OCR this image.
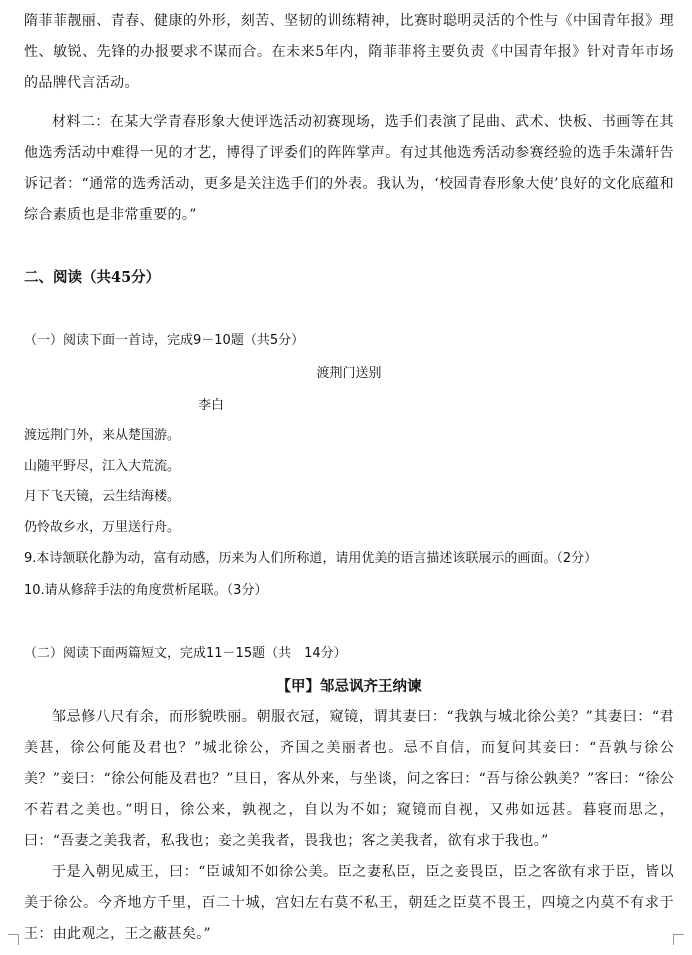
隋菲菲靓丽、青春、健康的外形，刻苦、坚韧的训练精神，比赛时聪明灵活的个性与《中国青年报》理性、敏锐、先锋的办报要求不谋而合。在未来5年内，隋菲菲将主要负责《中国青年报》针对青年市场的品牌代言活动。

材料二：在某大学青春形象大使评选活动初赛现场，选手们表演了昆曲、武术、快板、书画等在其他选秀活动中难得一见的才艺，博得了评委们的阵阵掌声。有过其他选秀活动参赛经验的选手朱潇轩告诉记者：“通常的选秀活动，更多是关注选手们的外表。我认为，‘校园青春形象大使’良好的文化底蕴和综合素质也是非常重要的。”

二、阅读（共45分）
（一）阅读下面一首诗，完成9－10题（共5分）
渡荆门送别
李白
渡远荆门外，来从楚国游。
山随平野尽，江入大荒流。
月下飞天镜，云生结海楼。
仍怜故乡水，万里送行舟。
9.本诗颔联化静为动，富有动感，历来为人们所称道，请用优美的语言描述该联展示的画面。（2分）
10.请从修辞手法的角度赏析尾联。（3分）
（二）阅读下面两篇短文，完成11－15题（共　14分）
【甲】邹忌讽齐王纳谏

邹忌修八尺有余，而形貌昳丽。朝服衣冠，窥镜，谓其妻曰：“我孰与城北徐公美？”其妻曰：“君美甚，徐公何能及君也？”城北徐公，齐国之美丽者也。忌不自信，而复问其妾曰：“吾孰与徐公美？”妾曰：“徐公何能及君也？”旦日，客从外来，与坐谈，问之客曰：“吾与徐公孰美？”客曰：“徐公不若君之美也。”明日，徐公来，孰视之，自以为不如；窥镜而自视，又弗如远甚。暮寝而思之，曰：“吾妻之美我者，私我也；妾之美我者，畏我也；客之美我者，欲有求于我也。”

于是入朝见威王，曰：“臣诚知不如徐公美。臣之妻私臣，臣之妾畏臣，臣之客欲有求于臣，皆以美于徐公。今齐地方千里，百二十城，宫妇左右莫不私王，朝廷之臣莫不畏王，四境之内莫不有求于王：由此观之，王之蔽甚矣。”
